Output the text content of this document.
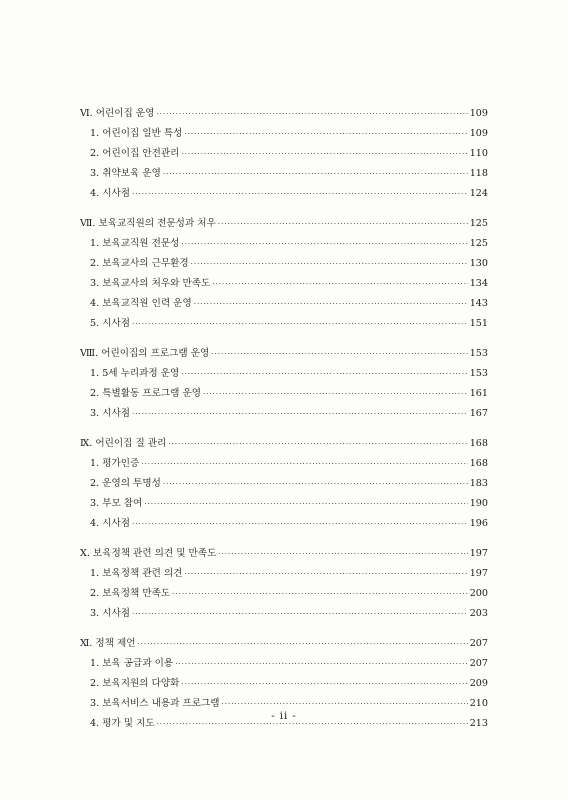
Ⅵ. 어린이집 운영 ·····	109
1. 어린이집 일반 특성 ·····	109
2. 어린이집 안전관리 ·····	110
3. 취약보육 운영 ·····	118
4. 시사점 ·····	124
Ⅶ. 보육교직원의 전문성과 처우 ·····	125
1. 보육교직원 전문성 ·····	125
2. 보육교사의 근무환경 ·····	130
3. 보육교사의 처우와 만족도 ·····	134
4. 보육교직원 인력 운영 ·····	143
5. 시사점 ·····	151
Ⅷ. 어린이집의 프로그램 운영 ·····	153
1. 5세 누리과정 운영 ·····	153
2. 특별활동 프로그램 운영 ·····	161
3. 시사점 ·····	167
Ⅸ. 어린이집 질 관리 ·····	168
1. 평가인증 ·····	168
2. 운영의 투명성 ·····	183
3. 부모 참여 ·····	190
4. 시사점 ·····	196
Ⅹ. 보육정책 관련 의견 및 만족도 ·····	197
1. 보육정책 관련 의견 ·····	197
2. 보육정책 만족도 ·····	200
3. 시사점 ·····	203
Ⅺ. 정책 제언 ·····	207
1. 보육 공급과 이용 ·····	207
2. 보육지원의 다양화 ·····	209
3. 보육서비스 내용과 프로그램 ·····	210
4. 평가 및 지도 ·····	213
- ii -
